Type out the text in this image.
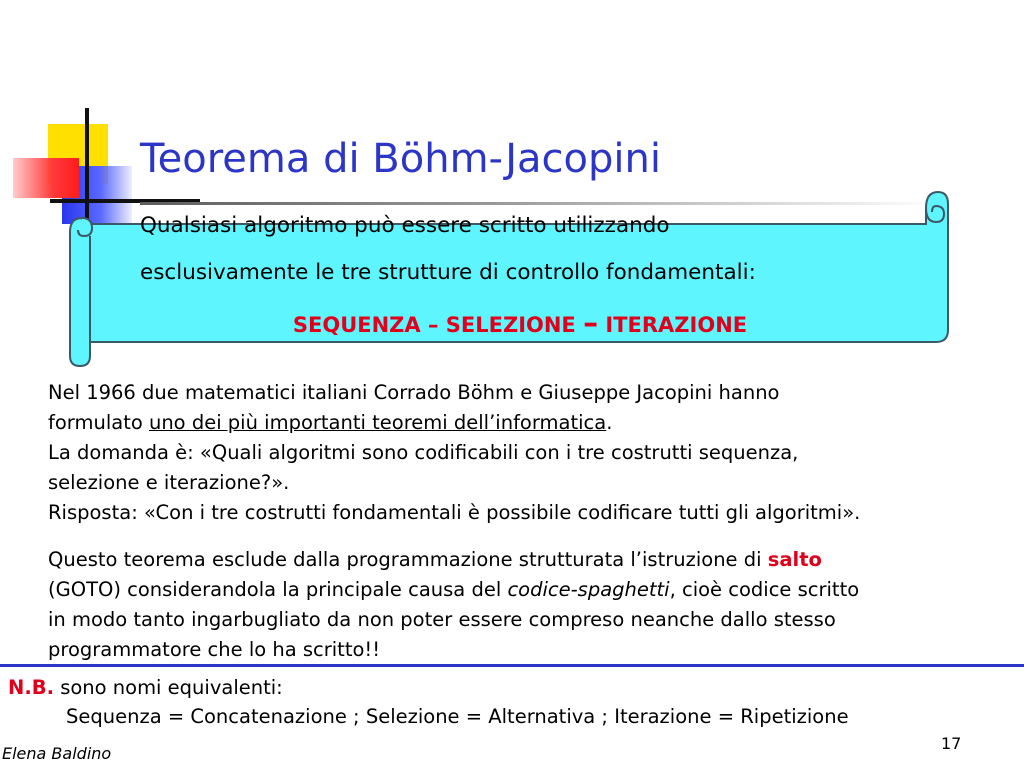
Teorema di Böhm-Jacopini
Qualsiasi algoritmo può essere scritto utilizzando
esclusivamente le tre strutture di controllo fondamentali:
SEQUENZA – SELEZIONE – ITERAZIONE
Nel 1966 due matematici italiani Corrado Böhm e Giuseppe Jacopini hanno
formulato uno dei più importanti teoremi dell’informatica.
La domanda è: «Quali algoritmi sono codificabili con i tre costrutti sequenza,
selezione e iterazione?».
Risposta: «Con i tre costrutti fondamentali è possibile codificare tutti gli algoritmi».
Questo teorema esclude dalla programmazione strutturata l’istruzione di salto
(GOTO) considerandola la principale causa del codice-spaghetti, cioè codice scritto
in modo tanto ingarbugliato da non poter essere compreso neanche dallo stesso
programmatore che lo ha scritto!!
N.B. sono nomi equivalenti:
Sequenza = Concatenazione ; Selezione = Alternativa ; Iterazione = Ripetizione
17
Elena Baldino
